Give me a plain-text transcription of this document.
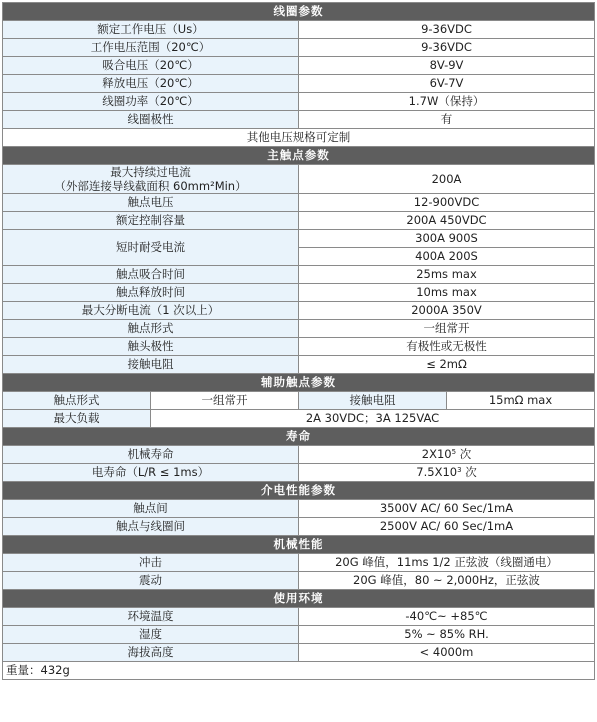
线圈参数			
额定工作电压（Us）		9-36VDC	
工作电压范围（20℃）		9-36VDC	
吸合电压（20℃）		8V-9V	
释放电压（20℃）		6V-7V	
线圈功率（20℃）		1.7W（保持）	
线圈极性		有	
其他电压规格可定制			
主触点参数			

最大持续过电流
（外部连接导线截面积 60mm²Min）		200A	
触点电压		12-900VDC	
额定控制容量		200A 450VDC	
短时耐受电流		300A 900S	
		400A 200S	
触点吸合时间		25ms max	
触点释放时间		10ms max	
最大分断电流（1 次以上）		2000A 350V	
触点形式		一组常开	
触头极性		有极性或无极性	
接触电阻		≤ 2mΩ	
辅助触点参数			
触点形式	一组常开	接触电阻	15mΩ max
最大负载	2A 30VDC；3A 125VAC		
寿命			
机械寿命		$2X10^5$ 次	
电寿命（L/R ≤ 1ms）		$7.5X10^3$ 次	
介电性能参数			
触点间		3500V AC/ 60 Sec/1mA	
触点与线圈间		2500V AC/ 60 Sec/1mA	
机械性能			
冲击		20G 峰值，11ms 1/2 正弦波（线圈通电）	
震动		20G 峰值，80 ~ 2,000Hz，正弦波	
使用环境			
环境温度		-40℃~ +85℃	
湿度		5% ~ 85% RH.	
海拔高度		< 4000m	
重量：432g			
